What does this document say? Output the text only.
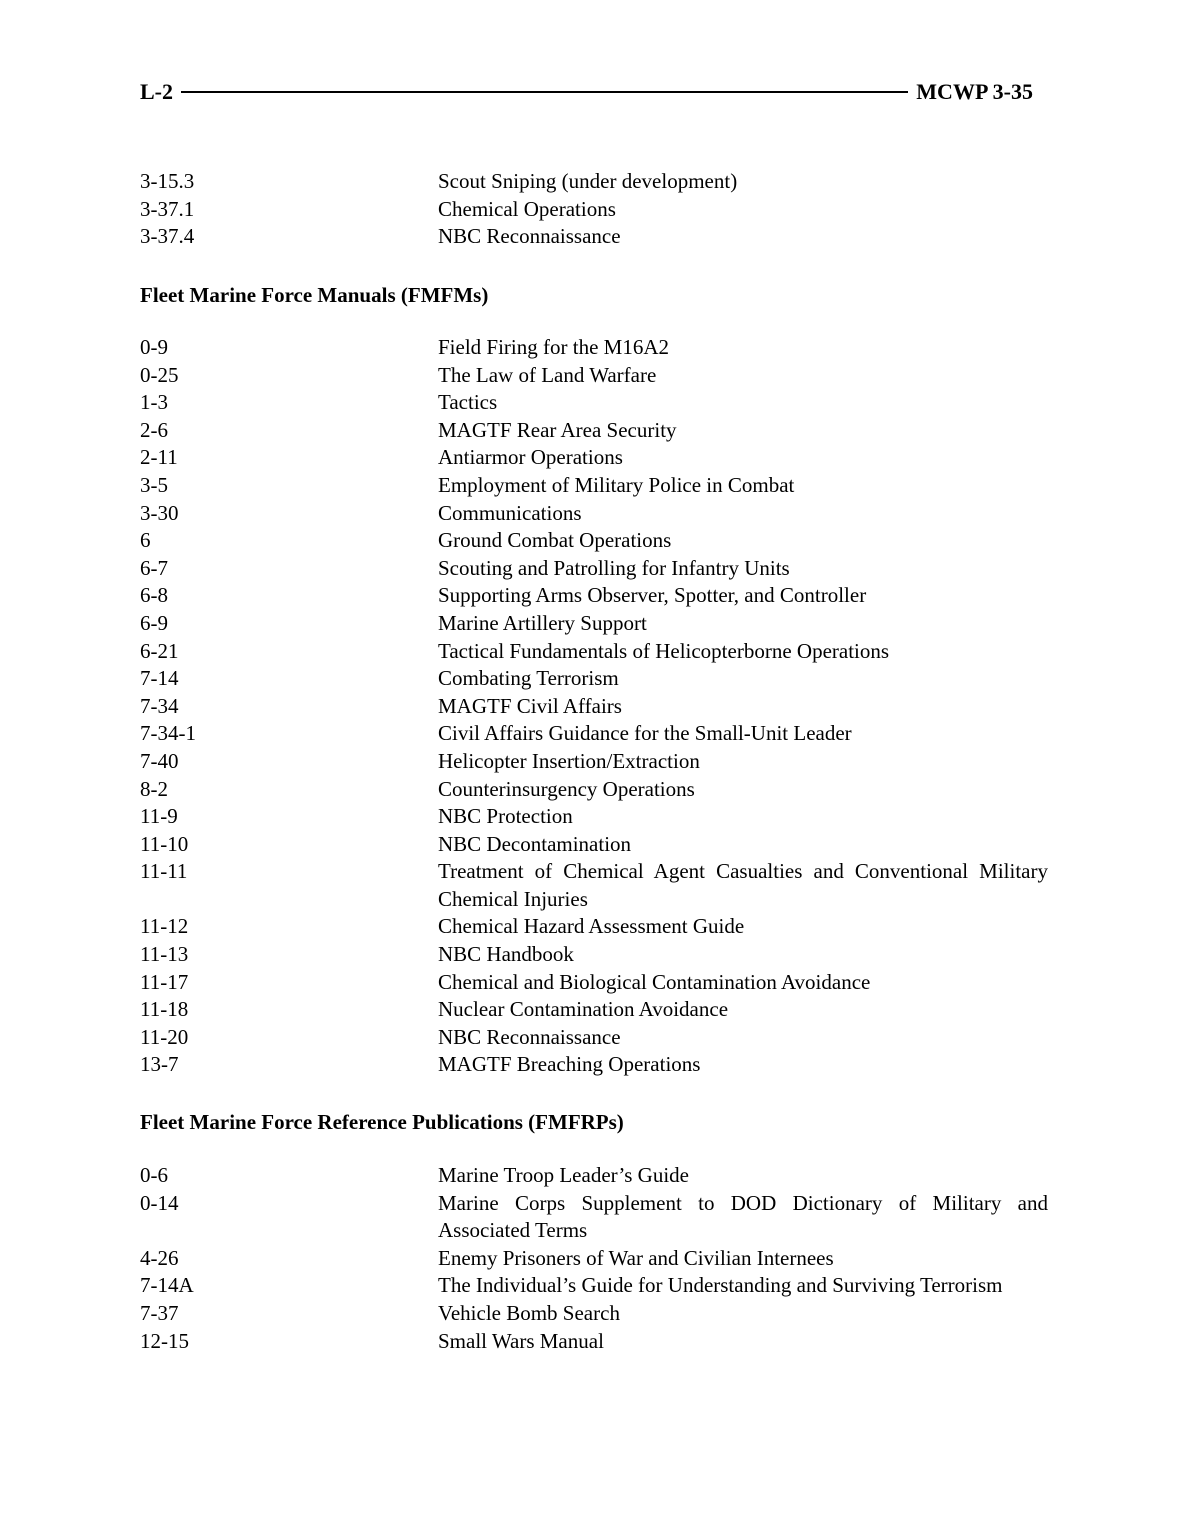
L-2	MCWP 3-35
3-15.3	Scout Sniping (under development)
3-37.1	Chemical Operations
3-37.4	NBC Reconnaissance
Fleet Marine Force Manuals (FMFMs)
0-9	Field Firing for the M16A2
0-25	The Law of Land Warfare
1-3	Tactics
2-6	MAGTF Rear Area Security
2-11	Antiarmor Operations
3-5	Employment of Military Police in Combat
3-30	Communications
6	Ground Combat Operations
6-7	Scouting and Patrolling for Infantry Units
6-8	Supporting Arms Observer, Spotter, and Controller
6-9	Marine Artillery Support
6-21	Tactical Fundamentals of Helicopterborne Operations
7-14	Combating Terrorism
7-34	MAGTF Civil Affairs
7-34-1	Civil Affairs Guidance for the Small-Unit Leader
7-40	Helicopter Insertion/Extraction
8-2	Counterinsurgency Operations
11-9	NBC Protection
11-10	NBC Decontamination
11-11	Treatment of Chemical Agent Casualties and Conventional Military Chemical Injuries
11-12	Chemical Hazard Assessment Guide
11-13	NBC Handbook
11-17	Chemical and Biological Contamination Avoidance
11-18	Nuclear Contamination Avoidance
11-20	NBC Reconnaissance
13-7	MAGTF Breaching Operations
Fleet Marine Force Reference Publications (FMFRPs)
0-6	Marine Troop Leader’s Guide
0-14	Marine Corps Supplement to DOD Dictionary of Military and Associated Terms
4-26	Enemy Prisoners of War and Civilian Internees
7-14A	The Individual’s Guide for Understanding and Surviving Terrorism
7-37	Vehicle Bomb Search
12-15	Small Wars Manual
